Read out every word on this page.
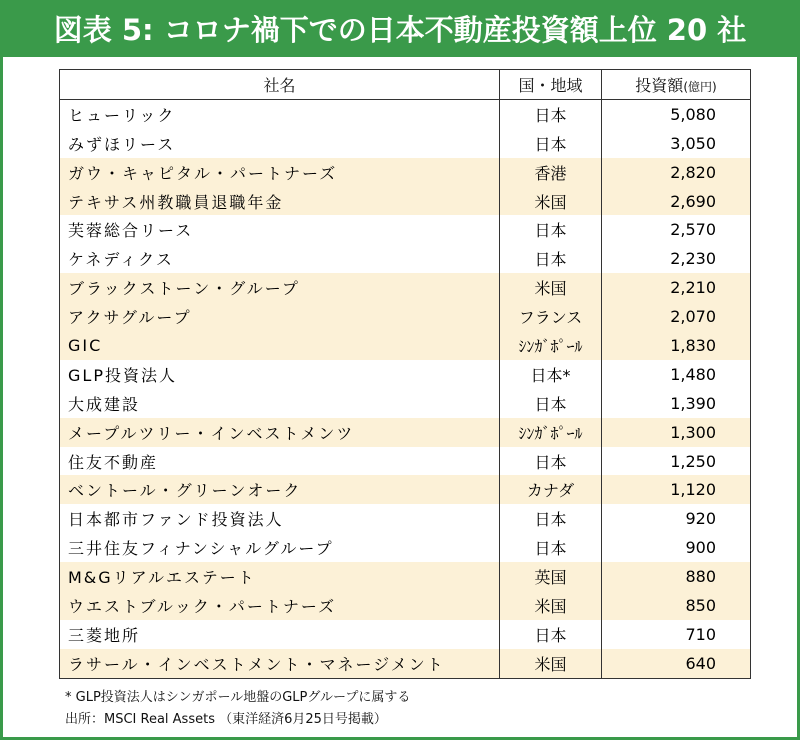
図表 5: コロナ禍下での日本不動産投資額上位 20 社
社名	国・地域	投資額(億円)
ヒューリック	日本	5,080
みずほリース	日本	3,050
ガウ・キャピタル・パートナーズ	香港	2,820
テキサス州教職員退職年金	米国	2,690
芙蓉総合リース	日本	2,570
ケネディクス	日本	2,230
ブラックストーン・グループ	米国	2,210
アクサグループ	フランス	2,070
GIC	ｼﾝｶﾞﾎﾟｰﾙ	1,830
GLP投資法人	日本*	1,480
大成建設	日本	1,390
メープルツリー・インベストメンツ	ｼﾝｶﾞﾎﾟｰﾙ	1,300
住友不動産	日本	1,250
ベントール・グリーンオーク	カナダ	1,120
日本都市ファンド投資法人	日本	920
三井住友フィナンシャルグループ	日本	900
M&Gリアルエステート	英国	880
ウエストブルック・パートナーズ	米国	850
三菱地所	日本	710
ラサール・インベストメント・マネージメント	米国	640
* GLP投資法人はシンガポール地盤のGLPグループに属する
出所：MSCI Real Assets （東洋経済6月25日号掲載）
